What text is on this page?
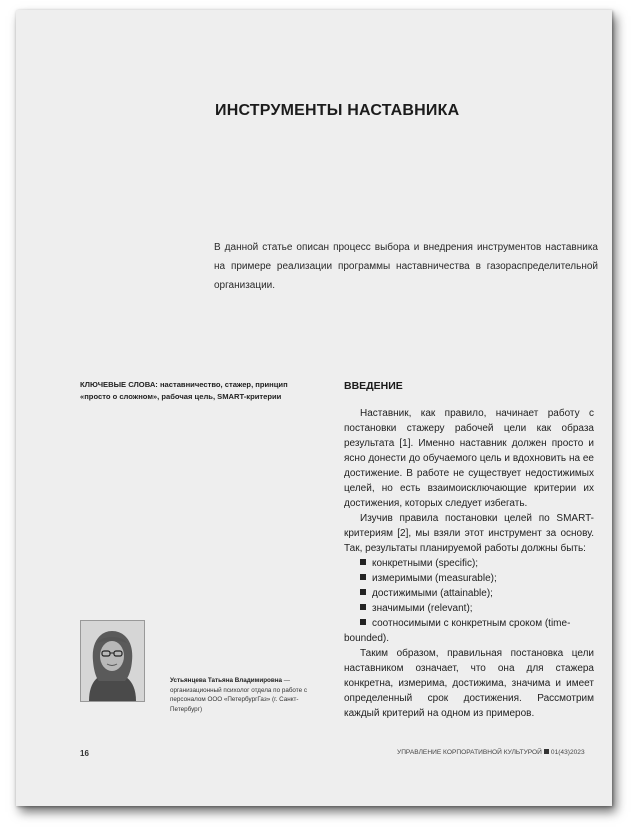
ИНСТРУМЕНТЫ НАСТАВНИКА
В данной статье описан процесс выбора и внедрения инструментов наставника на примере реализации программы наставничества в газораспределительной организации.
КЛЮЧЕВЫЕ СЛОВА: наставничество, стажер, принцип «просто о сложном», рабочая цель, SMART-критерии
ВВЕДЕНИЕ

Наставник, как правило, начинает работу с постановки стажеру рабочей цели как образа результата [1]. Именно наставник должен просто и ясно донести до обучаемого цель и вдохновить на ее достижение. В работе не существует недостижимых целей, но есть взаимоисключающие критерии их достижения, которых следует избегать.

Изучив правила постановки целей по SMART-критериям [2], мы взяли этот инструмент за основу. Так, результаты планируемой работы должны быть:

конкретными (specific);
измеримыми (measurable);
достижимыми (attainable);
значимыми (relevant);
соотносимыми с конкретным сроком (time-bounded).

Таким образом, правильная постановка цели наставником означает, что она для стажера конкретна, измерима, достижима, значима и имеет определенный срок достижения. Рассмотрим каждый критерий на одном из примеров.

Устьянцева Татьяна Владимировна — организационный психолог отдела по работе с персоналом ООО «ПетербургГаз» (г. Санкт-Петербург)
16	УПРАВЛЕНИЕ КОРПОРАТИВНОЙ КУЛЬТУРОЙ 01(43)2023
